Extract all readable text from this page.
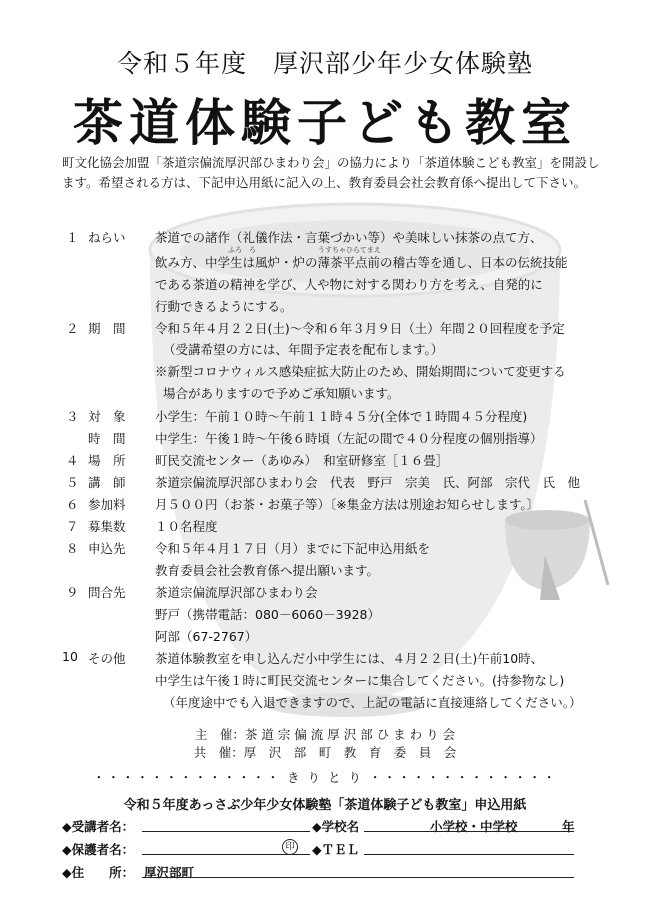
令和５年度　厚沢部少年少女体験塾
茶道体験子ども教室
町文化協会加盟「茶道宗偏流厚沢部ひまわり会」の協力により「茶道体験こども教室」を開設します。希望される方は、下記申込用紙に記入の上、教育委員会社会教育係へ提出して下さい。
１ ねらい 茶道での諸作（礼儀作法・言葉づかい等）や美味しい抹茶の点て方、
ふろ　ろ	うすちゃひらてまえ
飲み方、中学生は風炉・炉の薄茶平点前の稽古等を通し、日本の伝統技能
である茶道の精神を学び、人や物に対する関わり方を考え、自発的に
行動できるようにする。
２ 期　間 令和５年４月２２日(土)～令和６年３月９日（土）年間２０回程度を予定
（受講希望の方には、年間予定表を配布します。）
※新型コロナウィルス感染症拡大防止のため、開始期間について変更する
場合がありますので予めご承知願います。
３ 対　象 小学生：午前１０時～午前１１時４５分(全体で１時間４５分程度)
時　間 中学生：午後１時～午後６時頃（左記の間で４０分程度の個別指導）
４ 場　所 町民交流センター（あゆみ）　和室研修室［１６畳］
５ 講　師 茶道宗偏流厚沢部ひまわり会　代表　野戸　宗美　氏、阿部　宗代　氏　他
６ 参加料 月５００円（お茶・お菓子等）〔※集金方法は別途お知らせします。〕
７ 募集数 １０名程度
８ 申込先 令和５年４月１７日（月）までに下記申込用紙を
教育委員会社会教育係へ提出願います。
９ 問合先 茶道宗偏流厚沢部ひまわり会
野戸（携帯電話：080－6060－3928）
阿部（67-2767）
10 その他 茶道体験教室を申し込んだ小中学生には、４月２２日(土)午前10時、
中学生は午後１時に町民交流センターに集合してください。(持参物なし)
（年度途中でも入退できますので、上記の電話に直接連絡してください。）
主　催：茶 道 宗 偏 流 厚 沢 部 ひ ま わ り 会
共　催：厚　沢　部　町　教　育　委　員　会
・・・・・・・・・・・・・ き り と り ・・・・・・・・・・・・・
令和５年度あっさぶ少年少女体験塾「茶道体験子ども教室」申込用紙
◆受講者名：	◆学校名	小学校・中学校	年
◆保護者名：	印 ◆ＴＥＬ
◆住　　所： 厚沢部町
